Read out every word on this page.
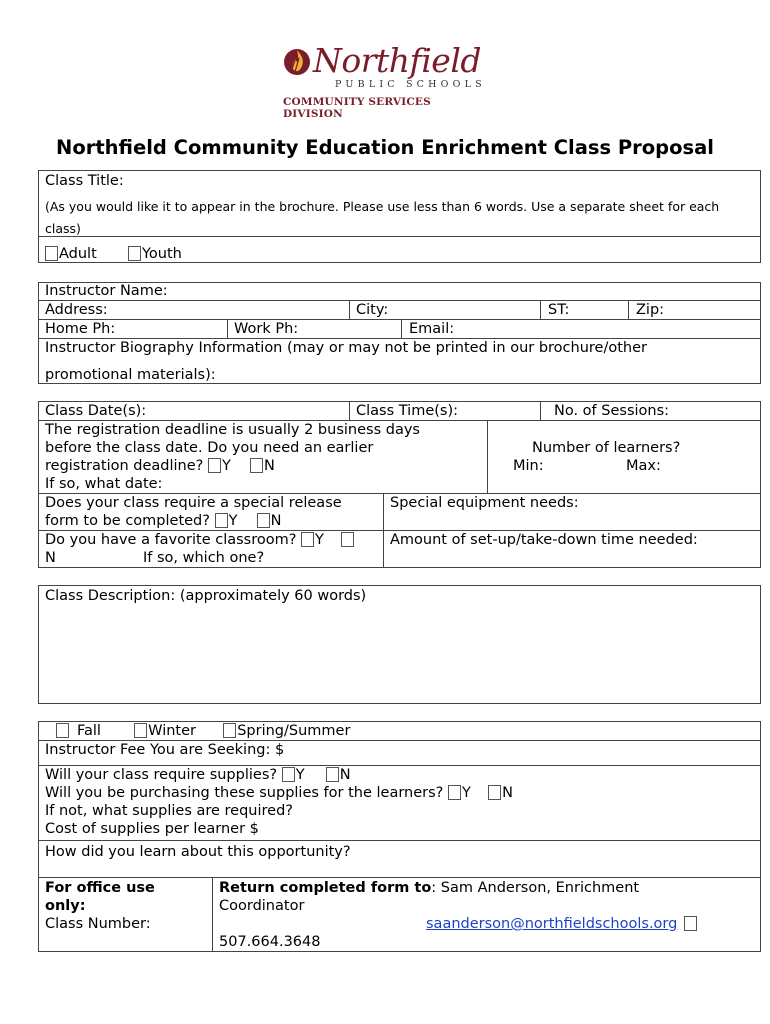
Northfield
PUBLIC SCHOOLS
COMMUNITY SERVICES DIVISION
Northfield Community Education Enrichment Class Proposal
Class Title:
(As you would like it to appear in the brochure. Please use less than 6 words. Use a separate sheet for each
class)
Adult	Youth
Instructor Name:
Address:	City:	ST:	Zip:
Home Ph:	Work Ph:	Email:
Instructor Biography Information (may or may not be printed in our brochure/other
promotional materials):
Class Date(s):	Class Time(s):	No. of Sessions:
The registration deadline is usually 2 business days
before the class date. Do you need an earlier
registration deadline? Y N
If so, what date:
Number of learners?
Min:	Max:
Does your class require a special release
form to be completed? Y N
Special equipment needs:
Do you have a favorite classroom? Y
N	If so, which one?
Amount of set-up/take-down time needed:
Class Description: (approximately 60 words)
Fall	Winter	Spring/Summer
Instructor Fee You are Seeking: $
Will your class require supplies? Y N
Will you be purchasing these supplies for the learners? Y N
If not, what supplies are required?
Cost of supplies per learner $
How did you learn about this opportunity?
For office use
only:
Class Number:
Return completed form to: Sam Anderson, Enrichment
Coordinator
saanderson@northfieldschools.org
507.664.3648
